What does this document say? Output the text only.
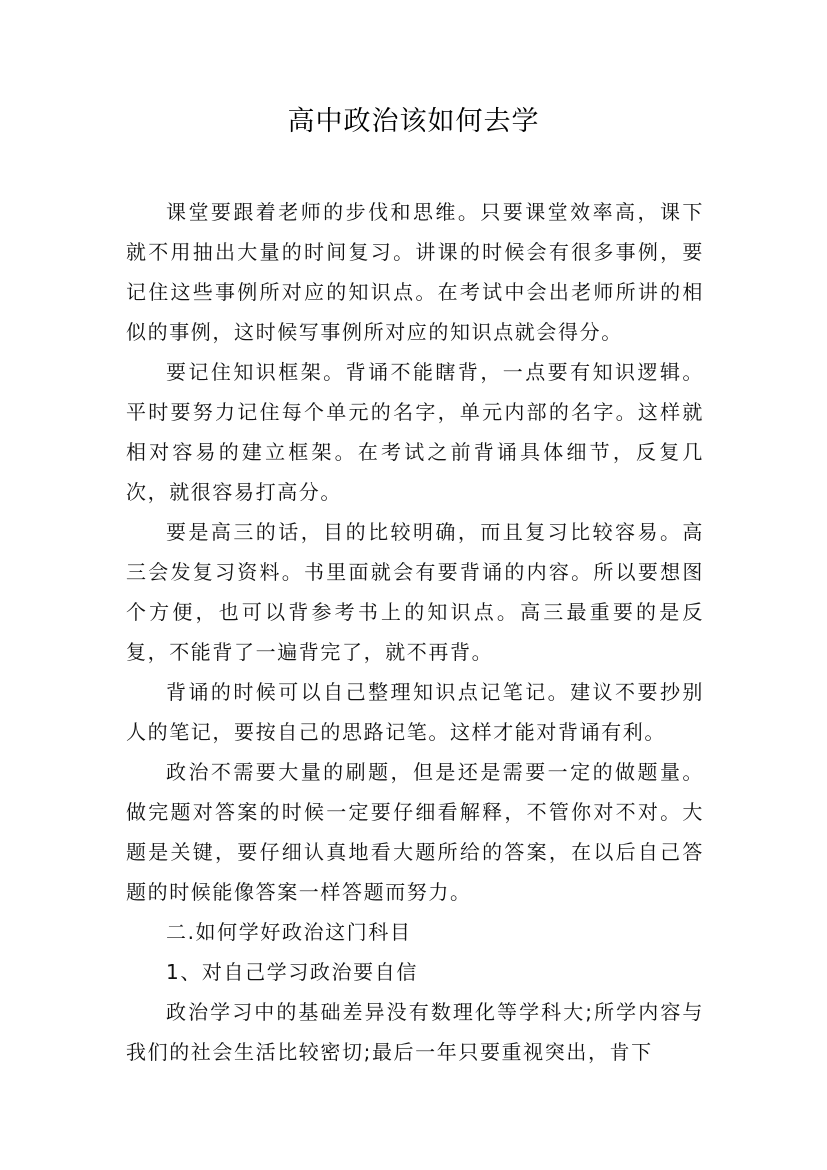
高中政治该如何去学

课堂要跟着老师的步伐和思维。只要课堂效率高，课下就不用抽出大量的时间复习。讲课的时候会有很多事例，要记住这些事例所对应的知识点。在考试中会出老师所讲的相似的事例，这时候写事例所对应的知识点就会得分。

要记住知识框架。背诵不能瞎背，一点要有知识逻辑。平时要努力记住每个单元的名字，单元内部的名字。这样就相对容易的建立框架。在考试之前背诵具体细节，反复几次，就很容易打高分。

要是高三的话，目的比较明确，而且复习比较容易。高三会发复习资料。书里面就会有要背诵的内容。所以要想图个方便，也可以背参考书上的知识点。高三最重要的是反复，不能背了一遍背完了，就不再背。

背诵的时候可以自己整理知识点记笔记。建议不要抄别人的笔记，要按自己的思路记笔。这样才能对背诵有利。

政治不需要大量的刷题，但是还是需要一定的做题量。做完题对答案的时候一定要仔细看解释，不管你对不对。大题是关键，要仔细认真地看大题所给的答案，在以后自己答题的时候能像答案一样答题而努力。

二.如何学好政治这门科目

1、对自己学习政治要自信

政治学习中的基础差异没有数理化等学科大;所学内容与我们的社会生活比较密切;最后一年只要重视突出，肯下
